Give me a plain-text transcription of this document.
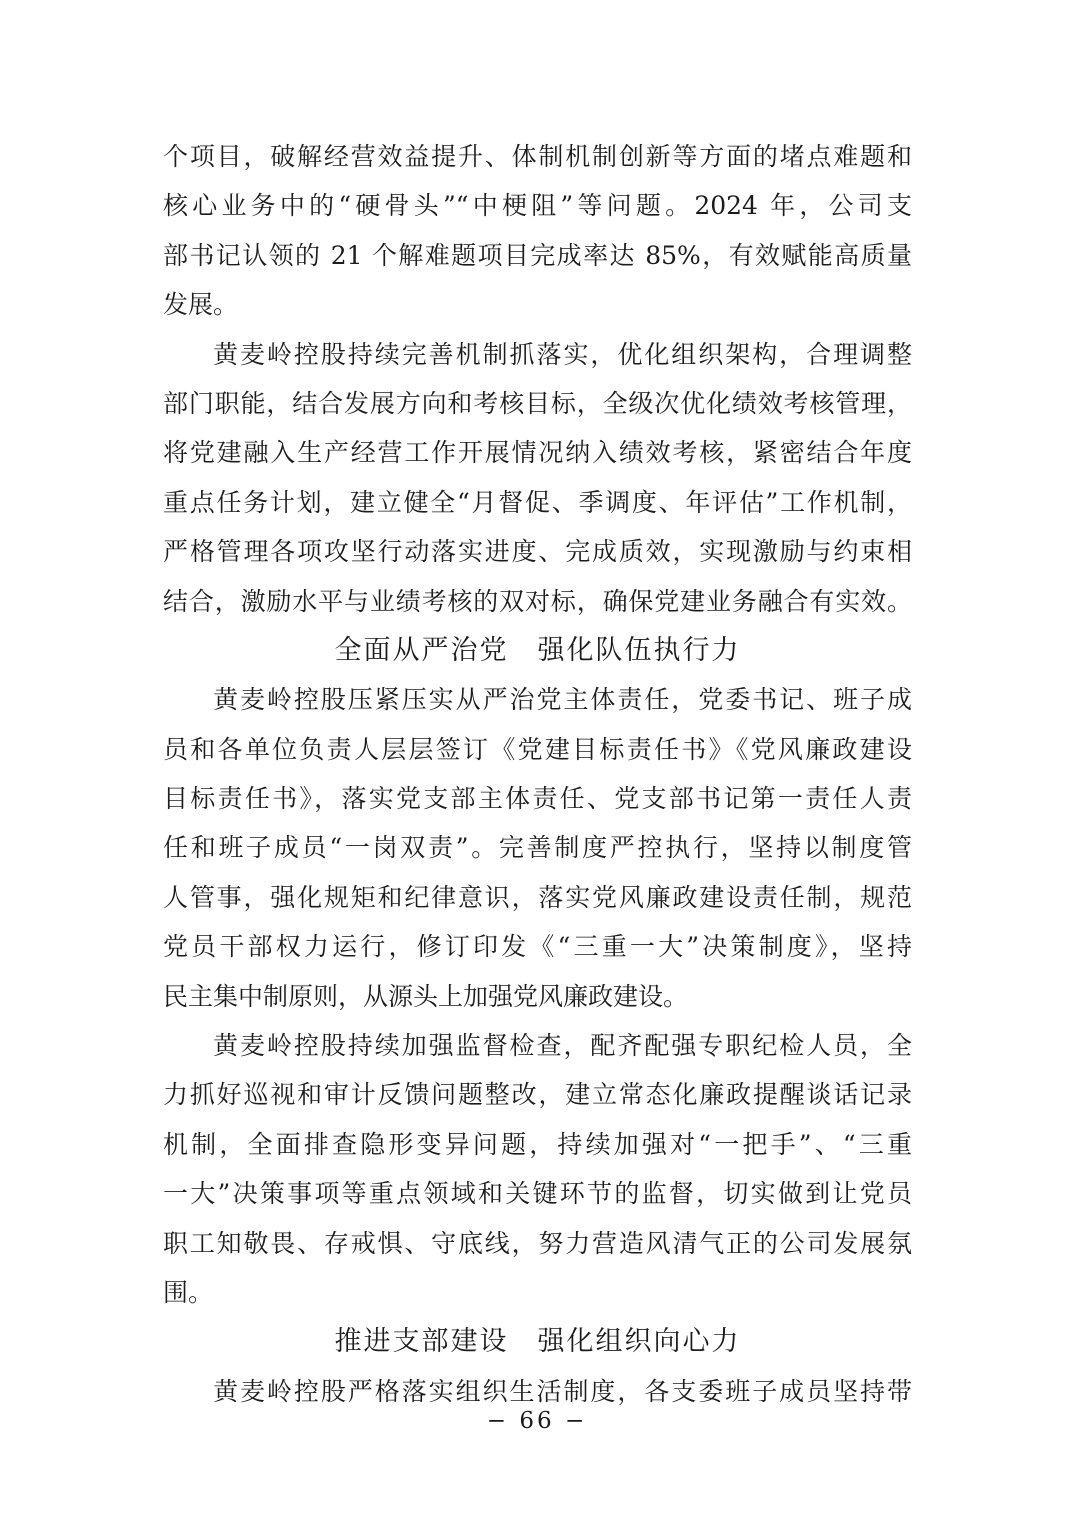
个项目，破解经营效益提升、体制机制创新等方面的堵点难题和
核心业务中的“硬骨头”“中梗阻”等问题。2024 年，公司支
部书记认领的 21 个解难题项目完成率达 85%，有效赋能高质量
发展。
黄麦岭控股持续完善机制抓落实，优化组织架构，合理调整
部门职能，结合发展方向和考核目标，全级次优化绩效考核管理，
将党建融入生产经营工作开展情况纳入绩效考核，紧密结合年度
重点任务计划，建立健全“月督促、季调度、年评估”工作机制，
严格管理各项攻坚行动落实进度、完成质效，实现激励与约束相
结合，激励水平与业绩考核的双对标，确保党建业务融合有实效。
全面从严治党　强化队伍执行力
黄麦岭控股压紧压实从严治党主体责任，党委书记、班子成
员和各单位负责人层层签订《党建目标责任书》《党风廉政建设
目标责任书》，落实党支部主体责任、党支部书记第一责任人责
任和班子成员“一岗双责”。完善制度严控执行，坚持以制度管
人管事，强化规矩和纪律意识，落实党风廉政建设责任制，规范
党员干部权力运行，修订印发《“三重一大”决策制度》，坚持
民主集中制原则，从源头上加强党风廉政建设。
黄麦岭控股持续加强监督检查，配齐配强专职纪检人员，全
力抓好巡视和审计反馈问题整改，建立常态化廉政提醒谈话记录
机制，全面排查隐形变异问题，持续加强对“一把手”、“三重
一大”决策事项等重点领域和关键环节的监督，切实做到让党员
职工知敬畏、存戒惧、守底线，努力营造风清气正的公司发展氛
围。
推进支部建设　强化组织向心力
黄麦岭控股严格落实组织生活制度，各支委班子成员坚持带
− 66 −
